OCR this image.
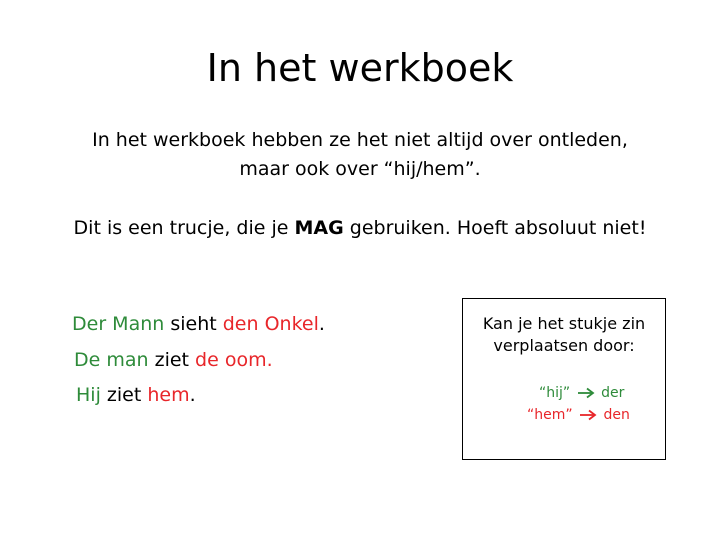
In het werkboek
In het werkboek hebben ze het niet altijd over ontleden,
maar ook over “hij/hem”.
Dit is een trucje, die je MAG gebruiken. Hoeft absoluut niet!
Der Mann sieht den Onkel.
De man ziet de oom.
Hij ziet hem.
Kan je het stukje zin
verplaatsen door:
“hij” der
“hem” den
